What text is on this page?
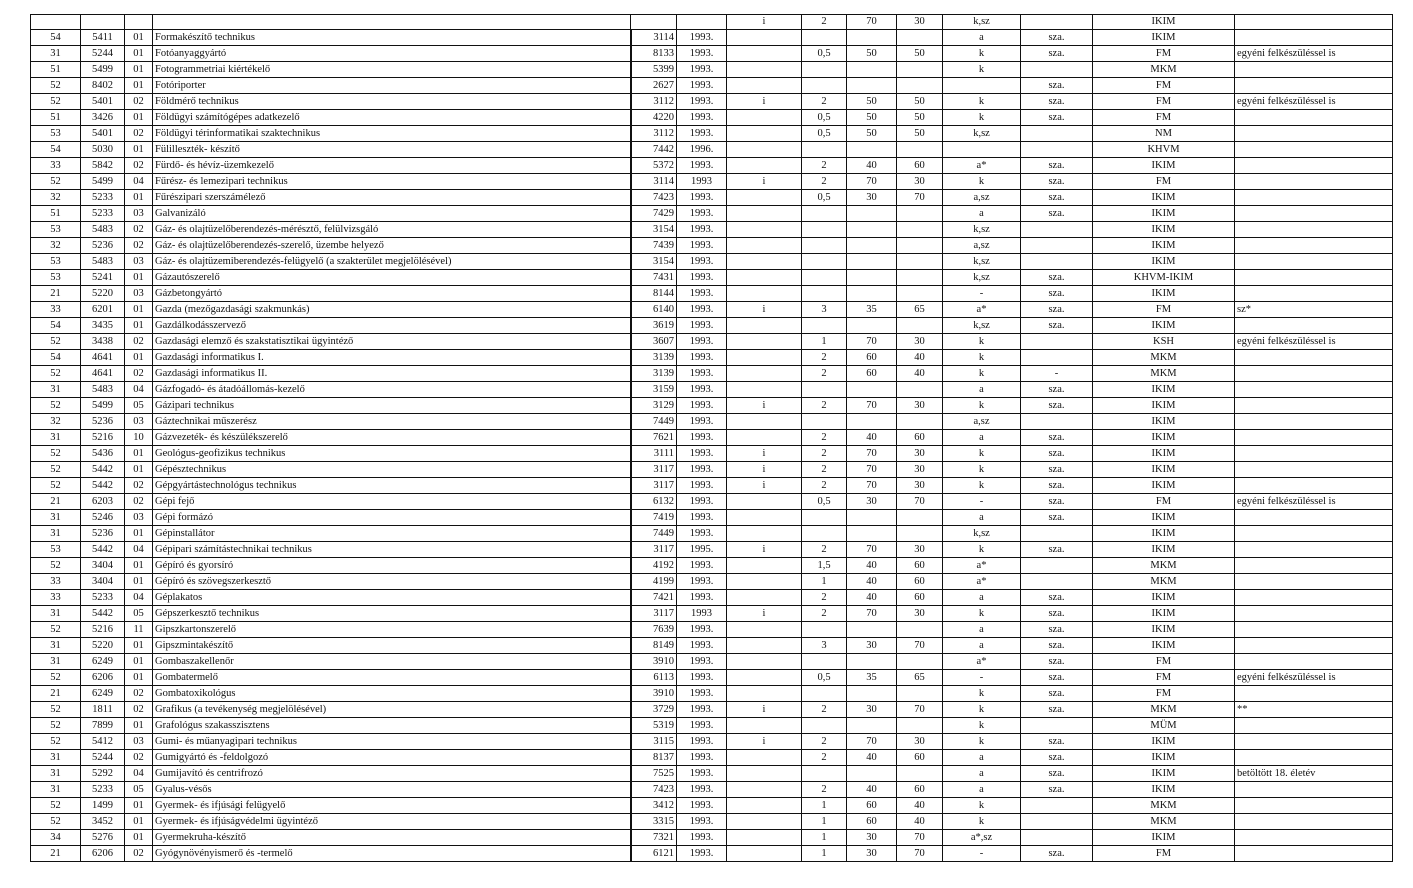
						i	2	70	30	k,sz		IKIM	
54	5411	01	Formakészítő technikus	3114	1993.					a	sza.	IKIM	
31	5244	01	Fotóanyaggyártó	8133	1993.		0,5	50	50	k	sza.	FM	egyéni felkészüléssel is
51	5499	01	Fotogrammetriai kiértékelő	5399	1993.					k		MKM	
52	8402	01	Fotóriporter	2627	1993.						sza.	FM	
52	5401	02	Földmérő technikus	3112	1993.	i	2	50	50	k	sza.	FM	egyéni felkészüléssel is
51	3426	01	Földügyi számítógépes adatkezelő	4220	1993.		0,5	50	50	k	sza.	FM	
53	5401	02	Földügyi térinformatikai szaktechnikus	3112	1993.		0,5	50	50	k,sz		NM	
54	5030	01	Fülilleszték- készítő	7442	1996.							KHVM	
33	5842	02	Fürdő- és hévíz-üzemkezelő	5372	1993.		2	40	60	a*	sza.	IKIM	
52	5499	04	Fűrész- és lemezipari technikus	3114	1993	i	2	70	30	k	sza.	FM	
32	5233	01	Fűrészipari szerszámélező	7423	1993.		0,5	30	70	a,sz	sza.	IKIM	
51	5233	03	Galvanizáló	7429	1993.					a	sza.	IKIM	
53	5483	02	Gáz- és olajtüzelőberendezés-mérésztő, felülvizsgáló	3154	1993.					k,sz		IKIM	
32	5236	02	Gáz- és olajtüzelőberendezés-szerelő, üzembe helyező	7439	1993.					a,sz		IKIM	
53	5483	03	Gáz- és olajtüzemiberendezés-felügyelő (a szakterület megjelölésével)	3154	1993.					k,sz		IKIM	
53	5241	01	Gázautószerelő	7431	1993.					k,sz	sza.	KHVM-IKIM	
21	5220	03	Gázbetongyártó	8144	1993.					-	sza.	IKIM	
33	6201	01	Gazda (mezőgazdasági szakmunkás)	6140	1993.	i	3	35	65	a*	sza.	FM	sz*
54	3435	01	Gazdálkodásszervező	3619	1993.					k,sz	sza.	IKIM	
52	3438	02	Gazdasági elemző és szakstatisztikai ügyintéző	3607	1993.		1	70	30	k		KSH	egyéni felkészüléssel is
54	4641	01	Gazdasági informatikus I.	3139	1993.		2	60	40	k		MKM	
52	4641	02	Gazdasági informatikus II.	3139	1993.		2	60	40	k	-	MKM	
31	5483	04	Gázfogadó- és átadóállomás-kezelő	3159	1993.					a	sza.	IKIM	
52	5499	05	Gázipari technikus	3129	1993.	i	2	70	30	k	sza.	IKIM	
32	5236	03	Gáztechnikai műszerész	7449	1993.					a,sz		IKIM	
31	5216	10	Gázvezeték- és készülékszerelő	7621	1993.		2	40	60	a	sza.	IKIM	
52	5436	01	Geológus-geofizikus technikus	3111	1993.	i	2	70	30	k	sza.	IKIM	
52	5442	01	Gépésztechnikus	3117	1993.	i	2	70	30	k	sza.	IKIM	
52	5442	02	Gépgyártástechnológus technikus	3117	1993.	i	2	70	30	k	sza.	IKIM	
21	6203	02	Gépi fejő	6132	1993.		0,5	30	70	-	sza.	FM	egyéni felkészüléssel is
31	5246	03	Gépi formázó	7419	1993.					a	sza.	IKIM	
31	5236	01	Gépinstallátor	7449	1993.					k,sz		IKIM	
53	5442	04	Gépipari számítástechnikai technikus	3117	1995.	i	2	70	30	k	sza.	IKIM	
52	3404	01	Gépíró és gyorsíró	4192	1993.		1,5	40	60	a*		MKM	
33	3404	01	Gépíró és szövegszerkesztő	4199	1993.		1	40	60	a*		MKM	
33	5233	04	Géplakatos	7421	1993.		2	40	60	a	sza.	IKIM	
31	5442	05	Gépszerkesztő technikus	3117	1993	i	2	70	30	k	sza.	IKIM	
52	5216	11	Gipszkartonszerelő	7639	1993.					a	sza.	IKIM	
31	5220	01	Gipszmintakészítő	8149	1993.		3	30	70	a	sza.	IKIM	
31	6249	01	Gombaszakellenőr	3910	1993.					a*	sza.	FM	
52	6206	01	Gombatermelő	6113	1993.		0,5	35	65	-	sza.	FM	egyéni felkészüléssel is
21	6249	02	Gombatoxikológus	3910	1993.					k	sza.	FM	
52	1811	02	Grafikus (a tevékenység megjelölésével)	3729	1993.	i	2	30	70	k	sza.	MKM	**
52	7899	01	Grafológus szakasszisztens	5319	1993.					k		MÜM	
52	5412	03	Gumi- és műanyagipari technikus	3115	1993.	i	2	70	30	k	sza.	IKIM	
31	5244	02	Gumigyártó és -feldolgozó	8137	1993.		2	40	60	a	sza.	IKIM	
31	5292	04	Gumijavító és centrifrozó	7525	1993.					a	sza.	IKIM	betöltött 18. életév
31	5233	05	Gyalus-vésős	7423	1993.		2	40	60	a	sza.	IKIM	
52	1499	01	Gyermek- és ifjúsági felügyelő	3412	1993.		1	60	40	k		MKM	
52	3452	01	Gyermek- és ifjúságvédelmi ügyintéző	3315	1993.		1	60	40	k		MKM	
34	5276	01	Gyermekruha-készítő	7321	1993.		1	30	70	a*,sz		IKIM	
21	6206	02	Gyógynövényismerő és -termelő	6121	1993.		1	30	70	-	sza.	FM	
